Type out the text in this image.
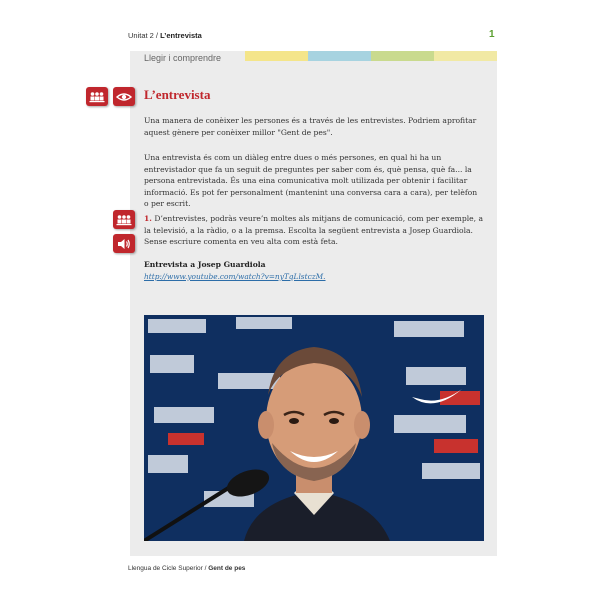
Unitat 2 / L’entrevista	1
Llegir i comprendre
L’entrevista

Una manera de conèixer les persones és a través de les entrevistes. Podriem aprofitar aquest gènere per conèixer millor "Gent de pes".

Una entrevista és com un diàleg entre dues o més persones, en qual hi ha un entrevistador que fa un seguit de preguntes per saber com és, què pensa, què fa... la persona entrevistada. És una eina comunicativa molt utilizada per obtenir i facilitar informació. Es pot fer personalment (mantenint una conversa cara a cara), per telèfon o per escrit.

1. D’entrevistes, podràs veure’n moltes als mitjans de comunicació, com per exemple, a la televisió, a la ràdio, o a la premsa. Escolta la següent entrevista a Josep Guardiola. Sense escriure comenta en veu alta com està feta.

Entrevista a Josep Guardiola
http://www.youtube.com/watch?v=nyTqLlstczM.
Llengua de Cicle Superior / Gent de pes
